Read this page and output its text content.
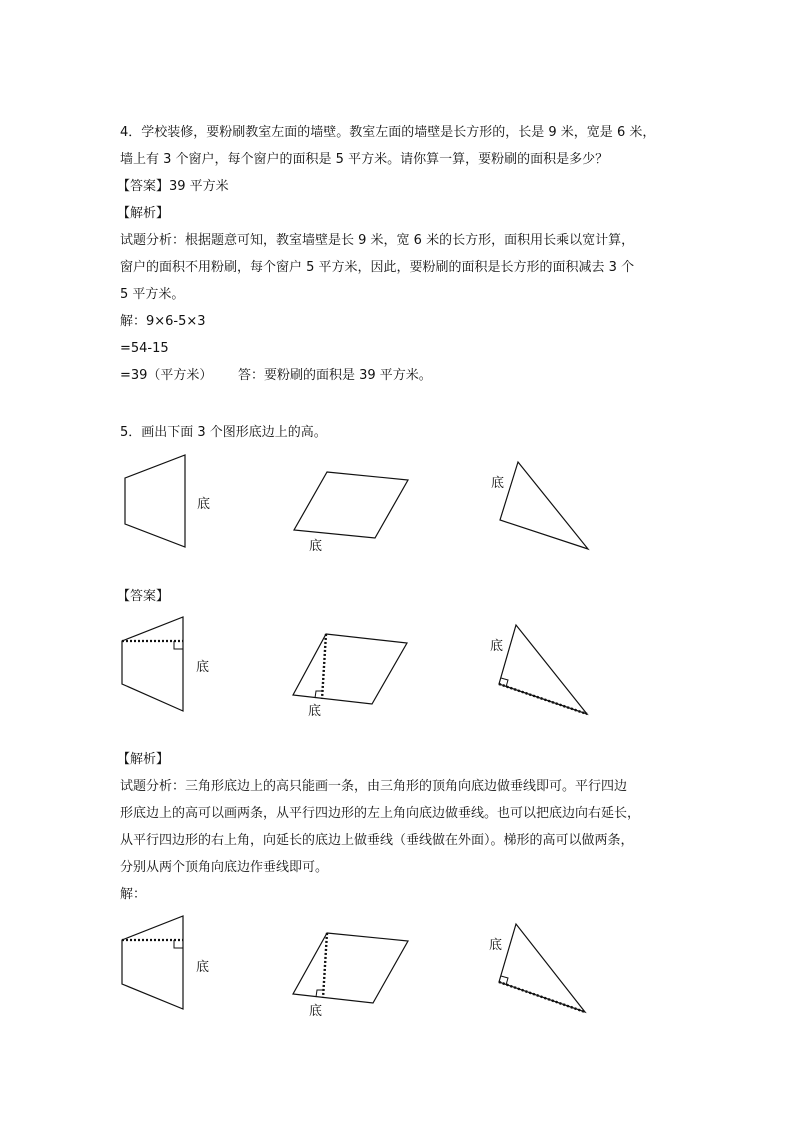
4．学校装修，要粉刷教室左面的墙壁。教室左面的墙壁是长方形的，长是 9 米，宽是 6 米，
墙上有 3 个窗户，每个窗户的面积是 5 平方米。请你算一算，要粉刷的面积是多少？
【答案】39 平方米
【解析】
试题分析：根据题意可知，教室墙壁是长 9 米，宽 6 米的长方形，面积用长乘以宽计算，
窗户的面积不用粉刷，每个窗户 5 平方米，因此，要粉刷的面积是长方形的面积减去 3 个
5 平方米。
解：9×6-5×3
=54-15
=39（平方米） 答：要粉刷的面积是 39 平方米。
5．画出下面 3 个图形底边上的高。
底
底
底
【答案】
底
底
底
【解析】
试题分析：三角形底边上的高只能画一条，由三角形的顶角向底边做垂线即可。平行四边
形底边上的高可以画两条，从平行四边形的左上角向底边做垂线。也可以把底边向右延长，
从平行四边形的右上角，向延长的底边上做垂线（垂线做在外面）。梯形的高可以做两条，
分别从两个顶角向底边作垂线即可。
解：
底
底
底
